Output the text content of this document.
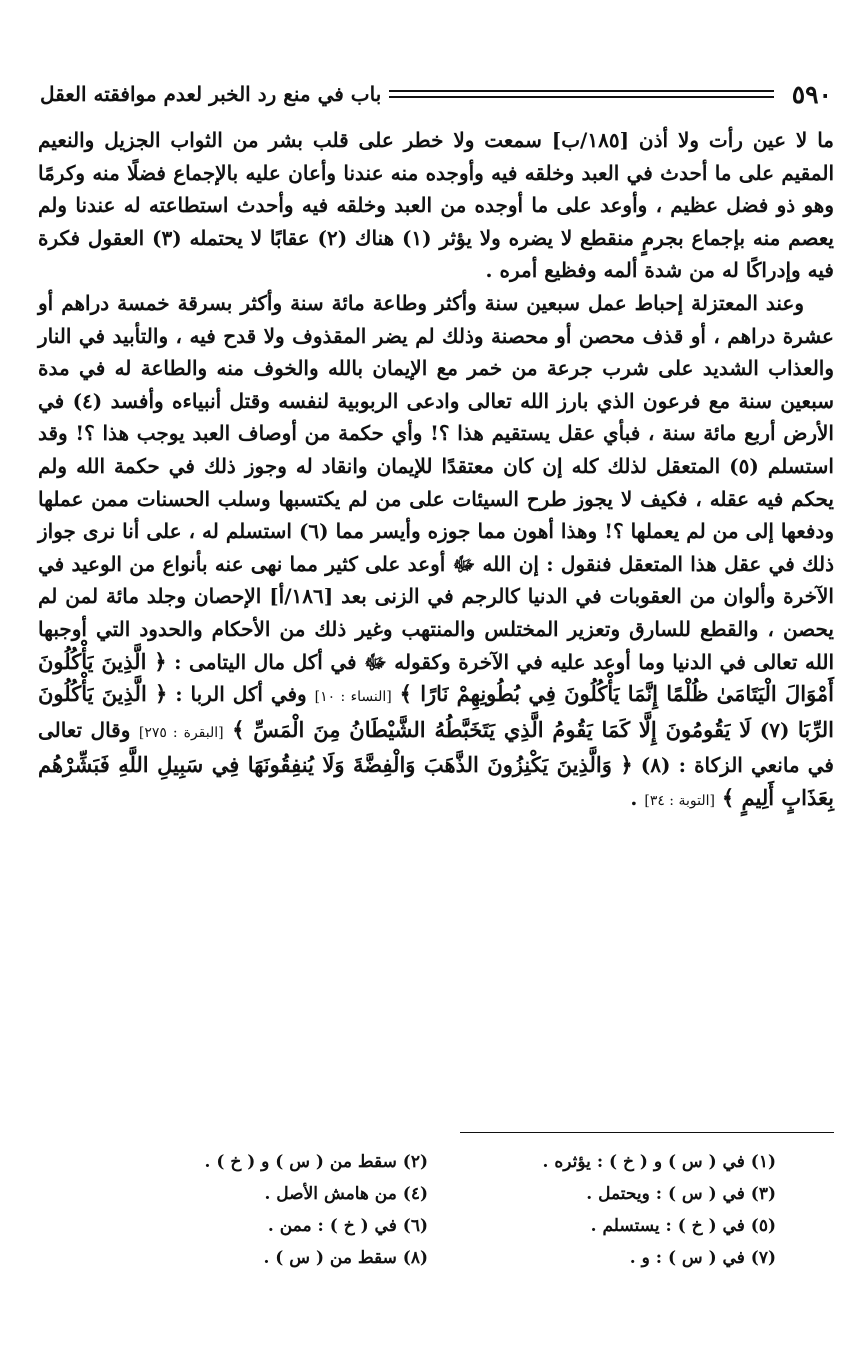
٥٩٠
باب في منع رد الخبر لعدم موافقته العقل

ما لا عين رأت ولا أذن [١٨٥/ب] سمعت ولا خطر على قلب بشر من الثواب الجزيل والنعيم المقيم على ما أحدث في العبد وخلقه فيه وأوجده منه عندنا وأعان عليه بالإجماع فضلًا منه وكرمًا وهو ذو فضل عظيم ، وأوعد على ما أوجده من العبد وخلقه فيه وأحدث استطاعته له عندنا ولم يعصم منه بإجماع بجرمٍ منقطع لا يضره ولا يؤثر (١) هناك (٢) عقابًا لا يحتمله (٣) العقول فكرة فيه وإدراكًا له من شدة ألمه وفظيع أمره .

وعند المعتزلة إحباط عمل سبعين سنة وأكثر وطاعة مائة سنة وأكثر بسرقة خمسة دراهم أو عشرة دراهم ، أو قذف محصن أو محصنة وذلك لم يضر المقذوف ولا قدح فيه ، والتأبيد في النار والعذاب الشديد على شرب جرعة من خمر مع الإيمان بالله والخوف منه والطاعة له في مدة سبعين سنة مع فرعون الذي بارز الله تعالى وادعى الربوبية لنفسه وقتل أنبياءه وأفسد (٤) في الأرض أربع مائة سنة ، فبأي عقل يستقيم هذا ؟! وأي حكمة من أوصاف العبد يوجب هذا ؟! وقد استسلم (٥) المتعقل لذلك كله إن كان معتقدًا للإيمان وانقاد له وجوز ذلك في حكمة الله ولم يحكم فيه عقله ، فكيف لا يجوز طرح السيئات على من لم يكتسبها وسلب الحسنات ممن عملها ودفعها إلى من لم يعملها ؟! وهذا أهون مما جوزه وأيسر مما (٦) استسلم له ، على أنا نرى جواز ذلك في عقل هذا المتعقل فنقول : إن الله ﷻ أوعد على كثير مما نهى عنه بأنواع من الوعيد في الآخرة وألوان من العقوبات في الدنيا كالرجم في الزنى بعد [١٨٦/أ] الإحصان وجلد مائة لمن لم يحصن ، والقطع للسارق وتعزير المختلس والمنتهب وغير ذلك من الأحكام والحدود التي أوجبها الله تعالى في الدنيا وما أوعد عليه في الآخرة وكقوله ﷻ في أكل مال اليتامى : ﴿ الَّذِينَ يَأْكُلُونَ أَمْوَالَ الْيَتَامَىٰ ظُلْمًا إِنَّمَا يَأْكُلُونَ فِي بُطُونِهِمْ نَارًا ﴾ [النساء : ١٠] وفي أكل الربا : ﴿ الَّذِينَ يَأْكُلُونَ الرِّبَا (٧) لَا يَقُومُونَ إِلَّا كَمَا يَقُومُ الَّذِي يَتَخَبَّطُهُ الشَّيْطَانُ مِنَ الْمَسِّ ﴾ [البقرة : ٢٧٥] وقال تعالى في مانعي الزكاة : (٨) ﴿ وَالَّذِينَ يَكْنِزُونَ الذَّهَبَ وَالْفِضَّةَ وَلَا يُنفِقُونَهَا فِي سَبِيلِ اللَّهِ فَبَشِّرْهُم بِعَذَابٍ أَلِيمٍ ﴾ [التوبة : ٣٤] .

(١) في ( س ) و ( خ ) : يؤثره .
(٢) سقط من ( س ) و ( خ ) .
(٣) في ( س ) : ويحتمل .
(٤) من هامش الأصل .
(٥) في ( خ ) : يستسلم .
(٦) في ( خ ) : ممن .
(٧) في ( س ) : و .
(٨) سقط من ( س ) .
